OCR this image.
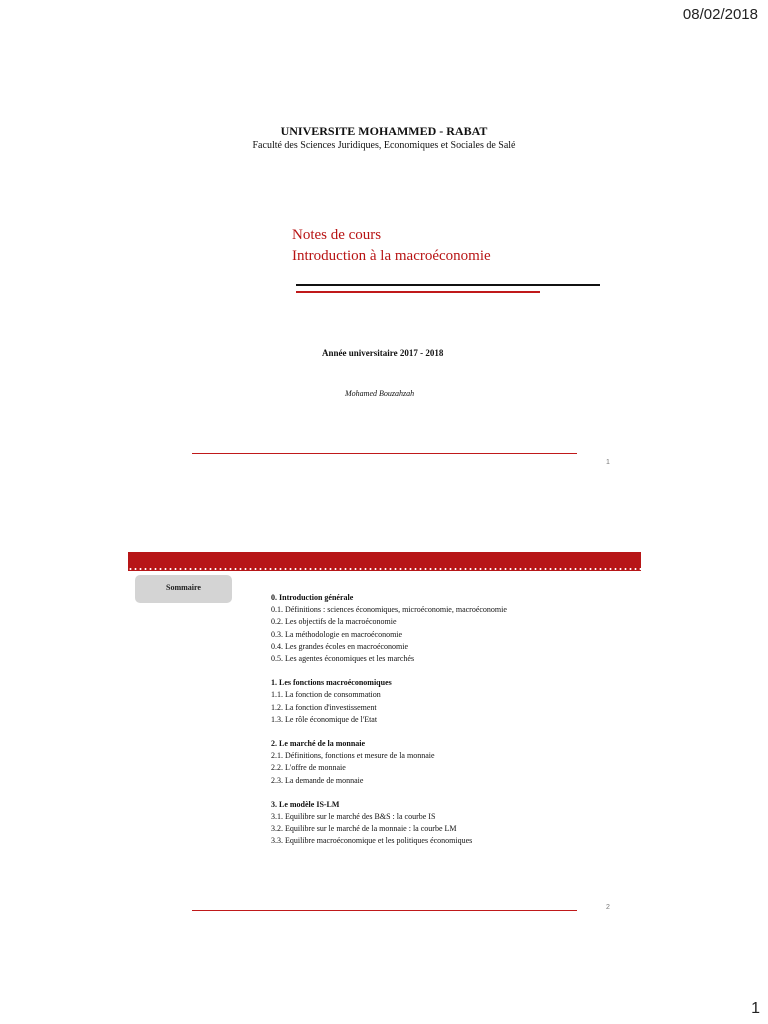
08/02/2018
UNIVERSITE MOHAMMED - RABAT
Faculté des Sciences Juridiques, Economiques et Sociales de Salé
Notes de cours
Introduction à la macroéconomie
Année universitaire 2017 - 2018
Mohamed Bouzahzah
1
Sommaire
0. Introduction générale
0.1. Définitions : sciences économiques, microéconomie, macroéconomie
0.2. Les objectifs de la macroéconomie
0.3. La méthodologie en macroéconomie
0.4. Les grandes écoles en macroéconomie
0.5. Les agentes économiques et les marchés
1. Les fonctions macroéconomiques
1.1. La fonction de consommation
1.2. La fonction d'investissement
1.3. Le rôle économique de l'Etat
2. Le marché de la monnaie
2.1. Définitions, fonctions et mesure de la monnaie
2.2. L'offre de monnaie
2.3. La demande de monnaie
3. Le modèle IS-LM
3.1. Equilibre sur le marché des B&S : la courbe IS
3.2. Equilibre sur le marché de la monnaie : la courbe LM
3.3. Equilibre macroéconomique et les politiques économiques
2
1
